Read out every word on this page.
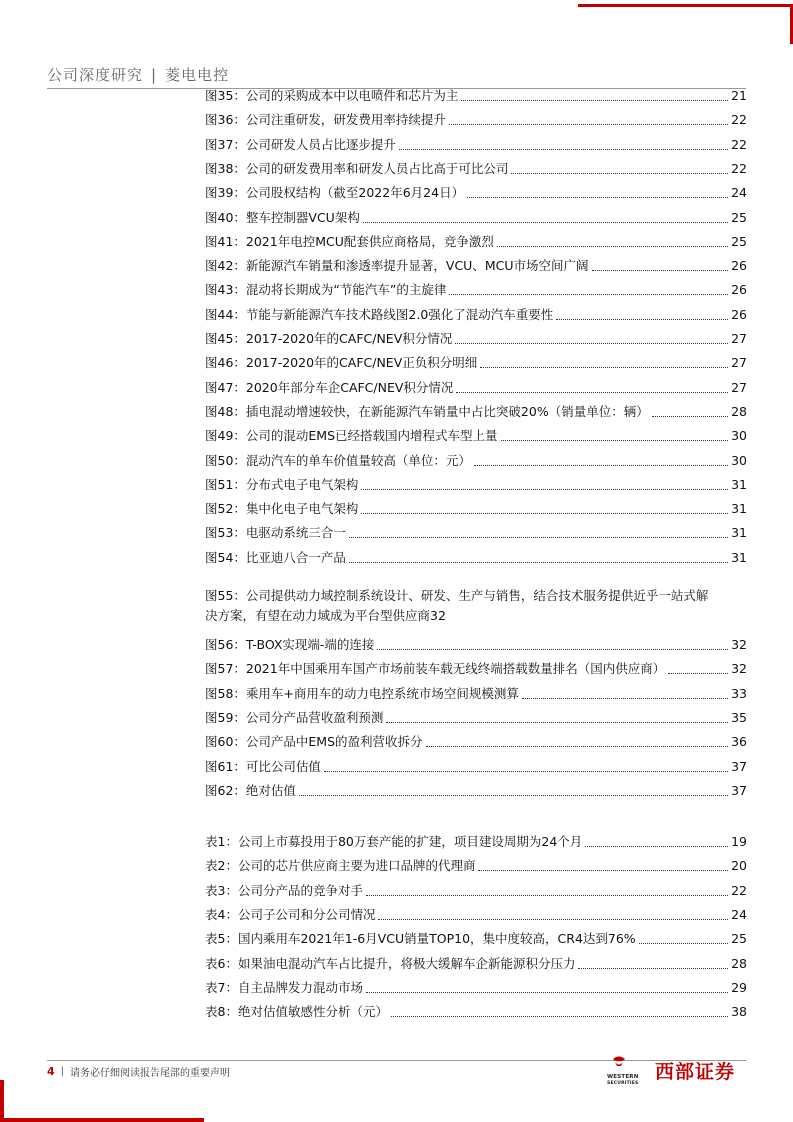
公司深度研究 | 菱电电控
图35：公司的采购成本中以电喷件和芯片为主	21
图36：公司注重研发，研发费用率持续提升	22
图37：公司研发人员占比逐步提升	22
图38：公司的研发费用率和研发人员占比高于可比公司	22
图39：公司股权结构（截至2022年6月24日）	24
图40：整车控制器VCU架构	25
图41：2021年电控MCU配套供应商格局，竞争激烈	25
图42：新能源汽车销量和渗透率提升显著，VCU、MCU市场空间广阔	26
图43：混动将长期成为“节能汽车”的主旋律	26
图44：节能与新能源汽车技术路线图2.0强化了混动汽车重要性	26
图45：2017-2020年的CAFC/NEV积分情况	27
图46：2017-2020年的CAFC/NEV正负积分明细	27
图47：2020年部分车企CAFC/NEV积分情况	27
图48：插电混动增速较快，在新能源汽车销量中占比突破20%（销量单位：辆）	28
图49：公司的混动EMS已经搭载国内增程式车型上量	30
图50：混动汽车的单车价值量较高（单位：元）	30
图51：分布式电子电气架构	31
图52：集中化电子电气架构	31
图53：电驱动系统三合一	31
图54：比亚迪八合一产品	31
图55：公司提供动力域控制系统设计、研发、生产与销售，结合技术服务提供近乎一站式解
决方案，有望在动力域成为平台型供应商 32
图56：T-BOX实现端-端的连接	32
图57：2021年中国乘用车国产市场前装车载无线终端搭载数量排名（国内供应商）	32
图58：乘用车+商用车的动力电控系统市场空间规模测算	33
图59：公司分产品营收盈利预测	35
图60：公司产品中EMS的盈利营收拆分	36
图61：可比公司估值	37
图62：绝对估值	37
表1：公司上市募投用于80万套产能的扩建，项目建设周期为24个月	19
表2：公司的芯片供应商主要为进口品牌的代理商	20
表3：公司分产品的竞争对手	22
表4：公司子公司和分公司情况	24
表5：国内乘用车2021年1-6月VCU销量TOP10，集中度较高，CR4达到76%	25
表6：如果油电混动汽车占比提升，将极大缓解车企新能源积分压力	28
表7：自主品牌发力混动市场	29
表8：绝对估值敏感性分析（元）	38
4 | 请务必仔细阅读报告尾部的重要声明	WESTERN
SECURITIES
西部证券
